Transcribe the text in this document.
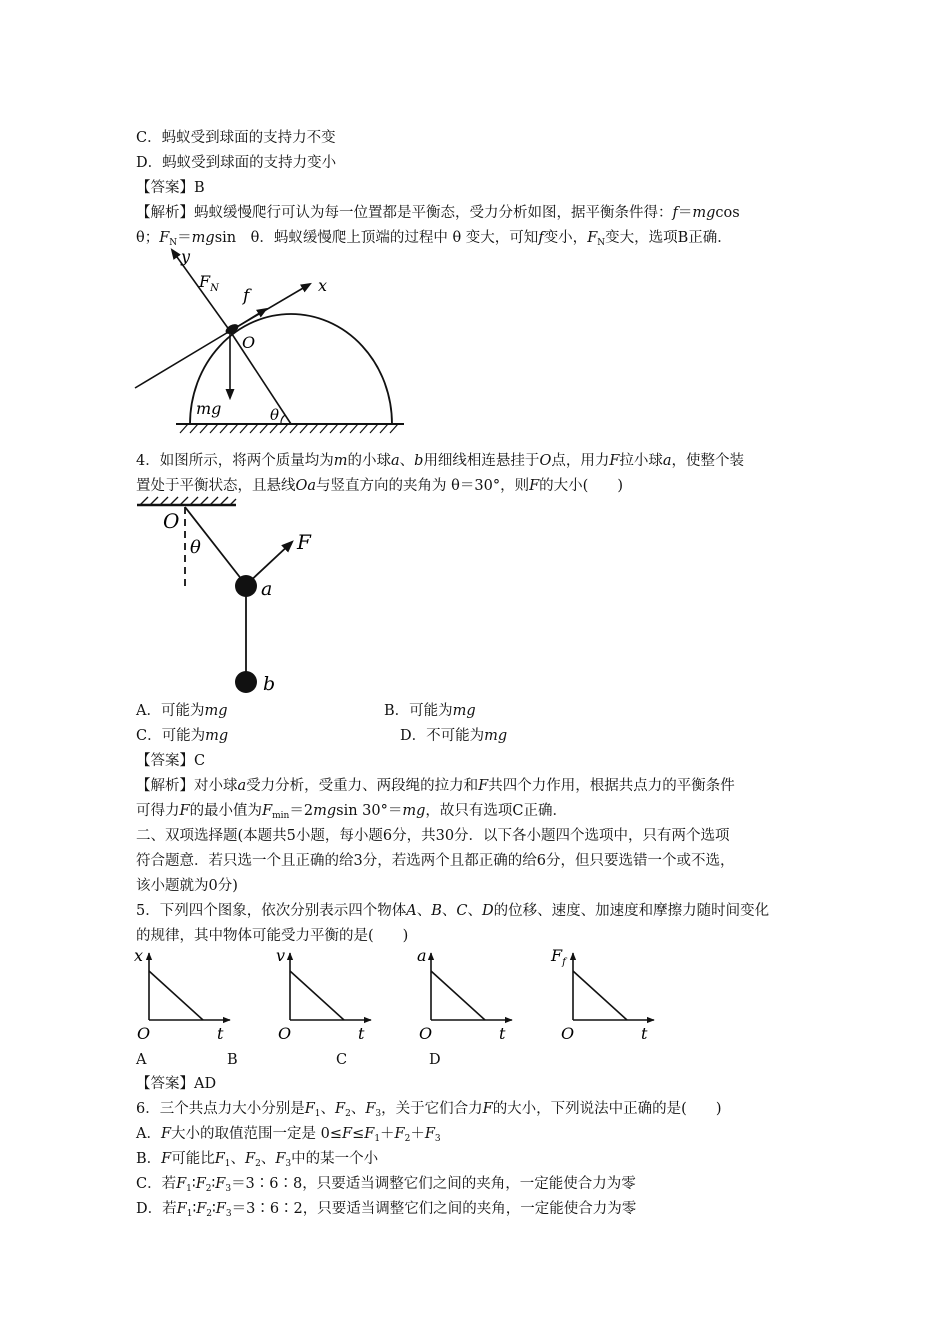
C．蚂蚁受到球面的支持力不变
D．蚂蚁受到球面的支持力变小
【答案】B
【解析】蚂蚁缓慢爬行可认为每一位置都是平衡态，受力分析如图，据平衡条件得：f＝mgcos
θ；$F_N=mgsin$　θ．蚂蚁缓慢爬上顶端的过程中 θ 变大，可知f变小，$F_N$变大，选项B正确．
y
$F_N$ f
x
O
mg	θ
4．如图所示，将两个质量均为m的小球a、b用细线相连悬挂于O点，用力F拉小球a，使整个装
置处于平衡状态，且悬线Oa与竖直方向的夹角为 θ＝30°，则F的大小(　　)
O
θ	F
a
b
A．可能为mg	B．可能为mg
C．可能为mg	D．不可能为mg
【答案】C
【解析】对小球a受力分析，受重力、两段绳的拉力和F共四个力作用，根据共点力的平衡条件
可得力F的最小值为$F_{min}=2mgsin$ 30°＝mg，故只有选项C正确．
二、双项选择题(本题共5小题，每小题6分，共30分．以下各小题四个选项中，只有两个选项
符合题意．若只选一个且正确的给3分，若选两个且都正确的给6分，但只要选错一个或不选，
该小题就为0分)
5．下列四个图象，依次分别表示四个物体A、B、C、D的位移、速度、加速度和摩擦力随时间变化
的规律，其中物体可能受力平衡的是(　　)
x
O	t
v
O	t
a
O	t
$F_f$
O	t
A	B	C	D
【答案】AD
6．三个共点力大小分别是$F_1$、$F_2$、$F_3$，关于它们合力F的大小，下列说法中正确的是(　　)
A．F大小的取值范围一定是 $0\le F\le F_1+F_2+F_3$
B．F可能比$F_1$、$F_2$、$F_3$中的某一个小
C．若$F_1∶F_2∶F_3=3∶6∶8$，只要适当调整它们之间的夹角，一定能使合力为零
D．若$F_1∶F_2∶F_3=3∶6∶2$，只要适当调整它们之间的夹角，一定能使合力为零
